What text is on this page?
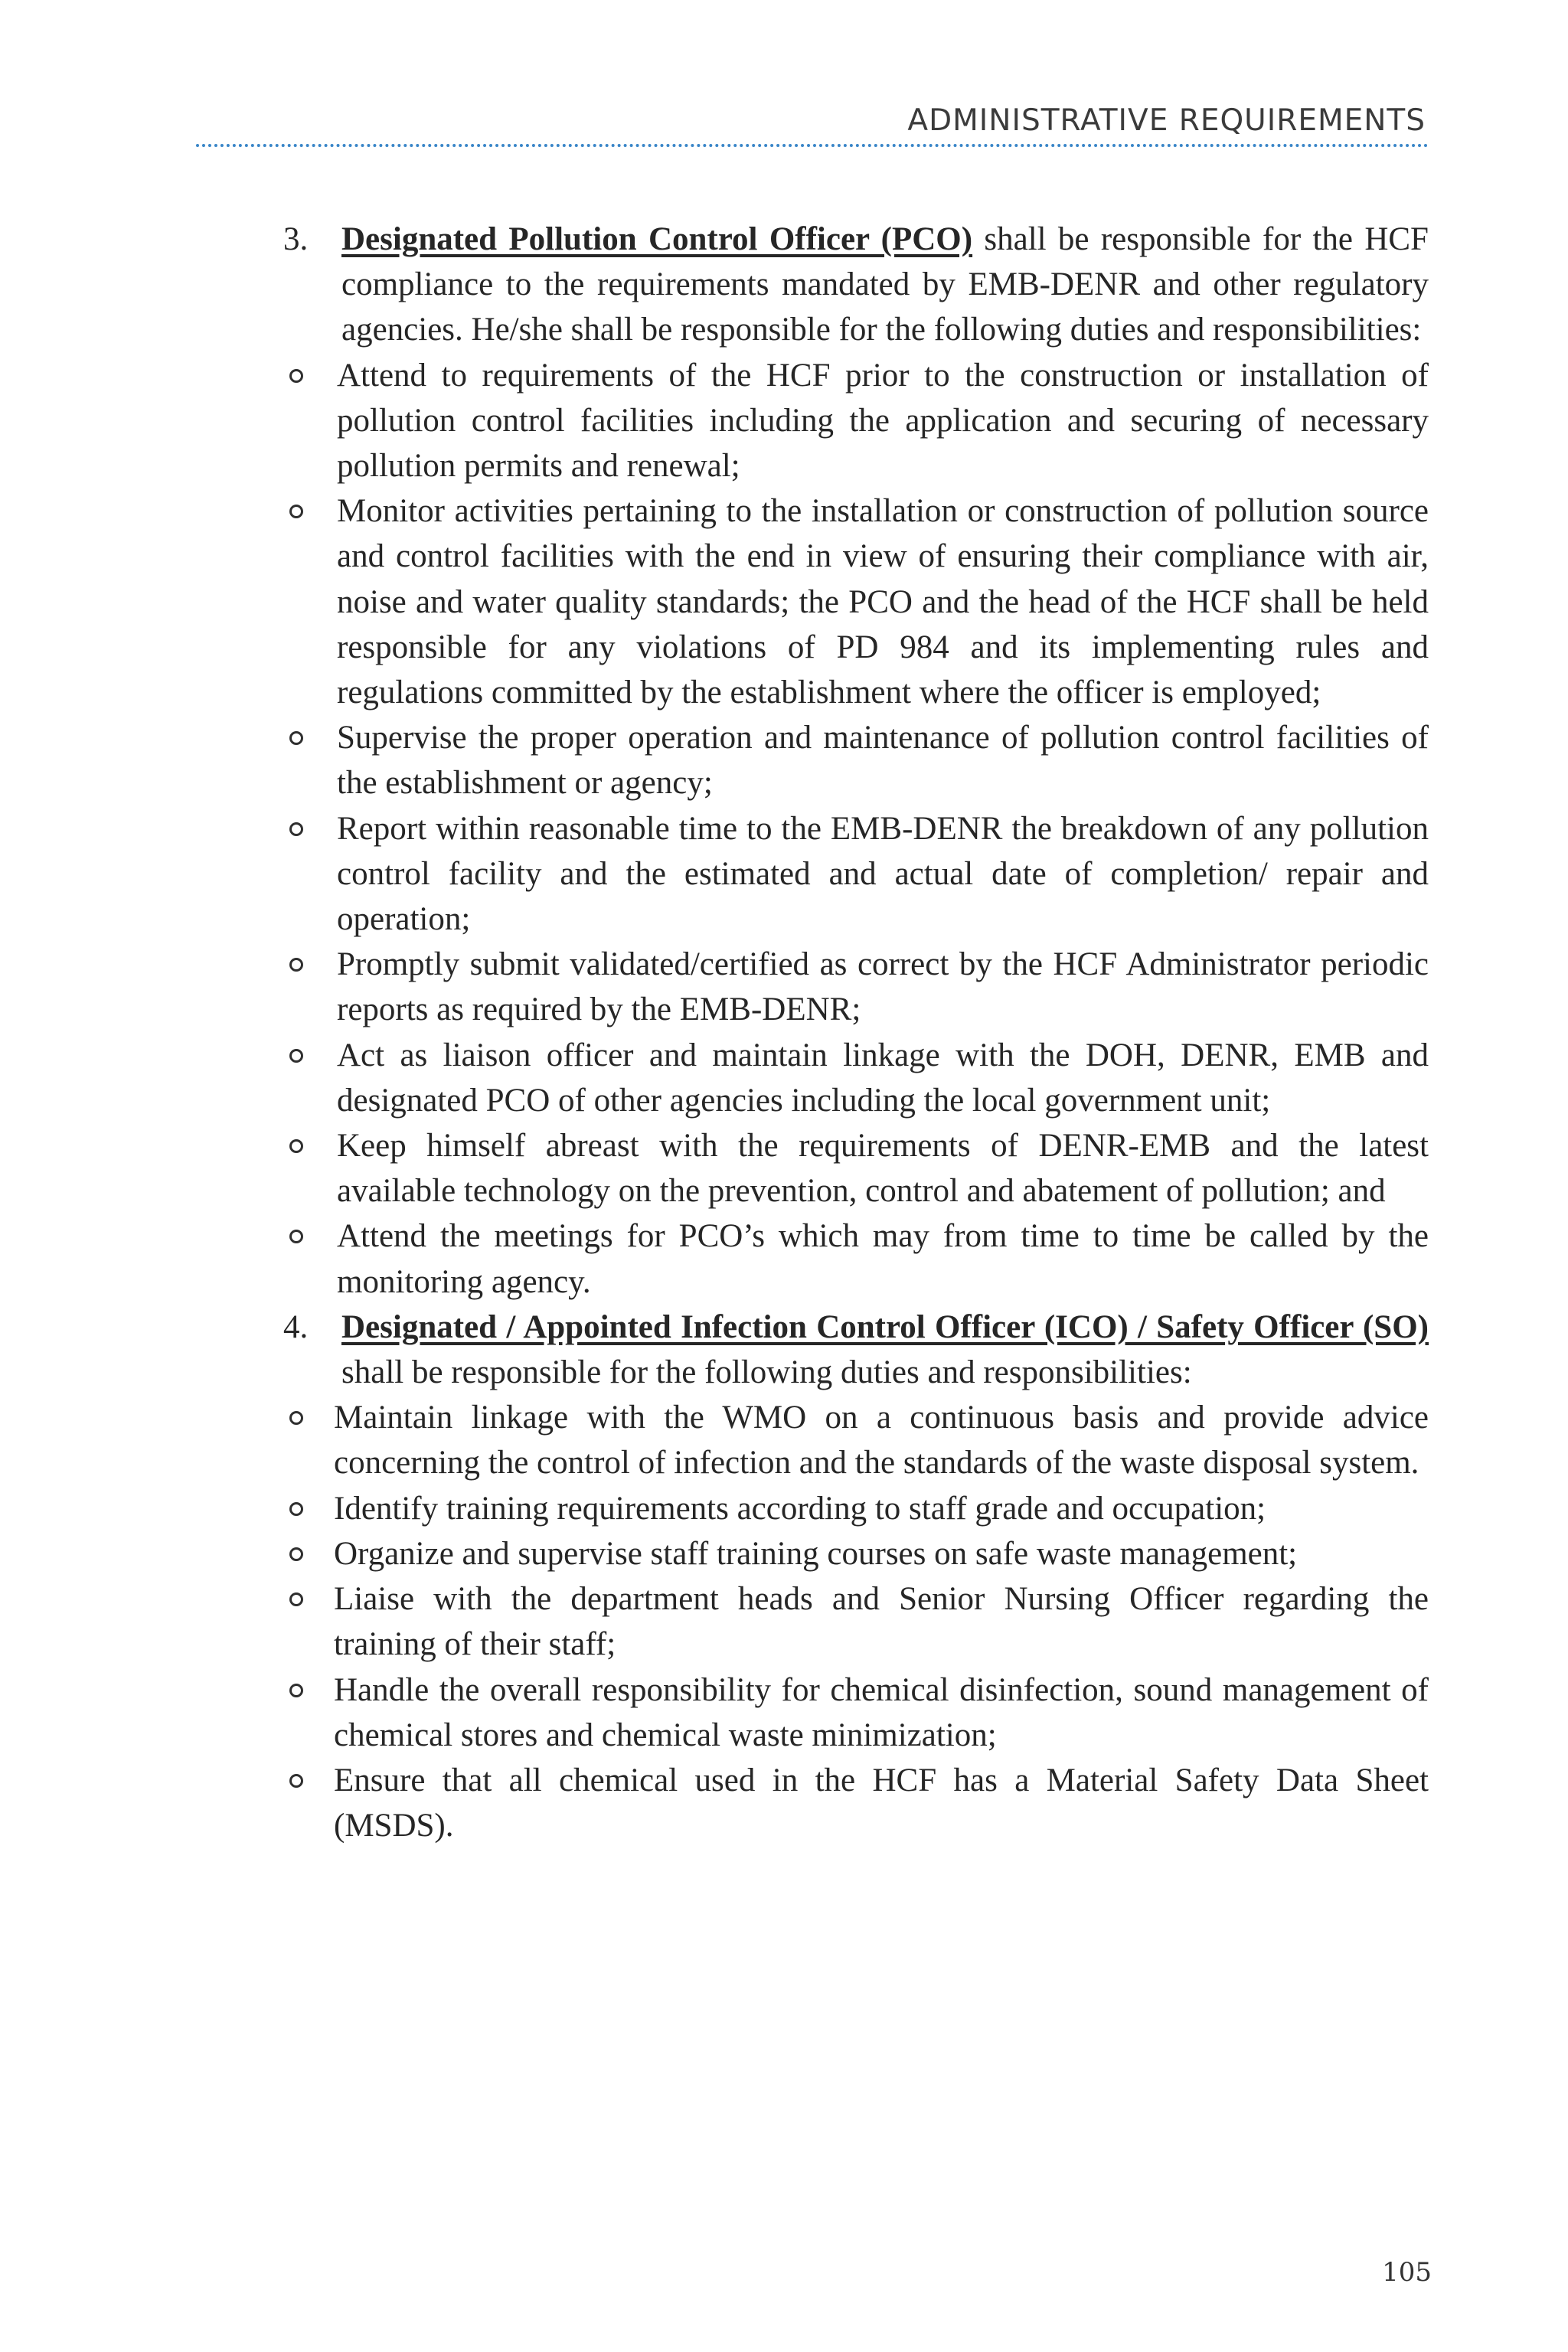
ADMINISTRATIVE REQUIREMENTS
3. Designated Pollution Control Officer (PCO) shall be responsible for the HCF compliance to the requirements mandated by EMB-DENR and other regulatory agencies. He/she shall be responsible for the following duties and responsibilities:
Attend to requirements of the HCF prior to the construction or installation of pollution control facilities including the application and securing of necessary pollution permits and renewal;
Monitor activities pertaining to the installation or construction of pollution source and control facilities with the end in view of ensuring their compliance with air, noise and water quality standards; the PCO and the head of the HCF shall be held responsible for any violations of PD 984 and its implementing rules and regulations committed by the establishment where the officer is employed;
Supervise the proper operation and maintenance of pollution control facilities of the establishment or agency;
Report within reasonable time to the EMB-DENR the breakdown of any pollution control facility and the estimated and actual date of completion/ repair and operation;
Promptly submit validated/certified as correct by the HCF Administrator periodic reports as required by the EMB-DENR;
Act as liaison officer and maintain linkage with the DOH, DENR, EMB and designated PCO of other agencies including the local government unit;
Keep himself abreast with the requirements of DENR-EMB and the latest available technology on the prevention, control and abatement of pollution; and
Attend the meetings for PCO’s which may from time to time be called by the monitoring agency.
4. Designated / Appointed Infection Control Officer (ICO) / Safety Officer (SO) shall be responsible for the following duties and responsibilities:
Maintain linkage with the WMO on a continuous basis and provide advice concerning the control of infection and the standards of the waste disposal system.
Identify training requirements according to staff grade and occupation;
Organize and supervise staff training courses on safe waste management;
Liaise with the department heads and Senior Nursing Officer regarding the training of their staff;
Handle the overall responsibility for chemical disinfection, sound management of chemical stores and chemical waste minimization;
Ensure that all chemical used in the HCF has a Material Safety Data Sheet (MSDS).
105
